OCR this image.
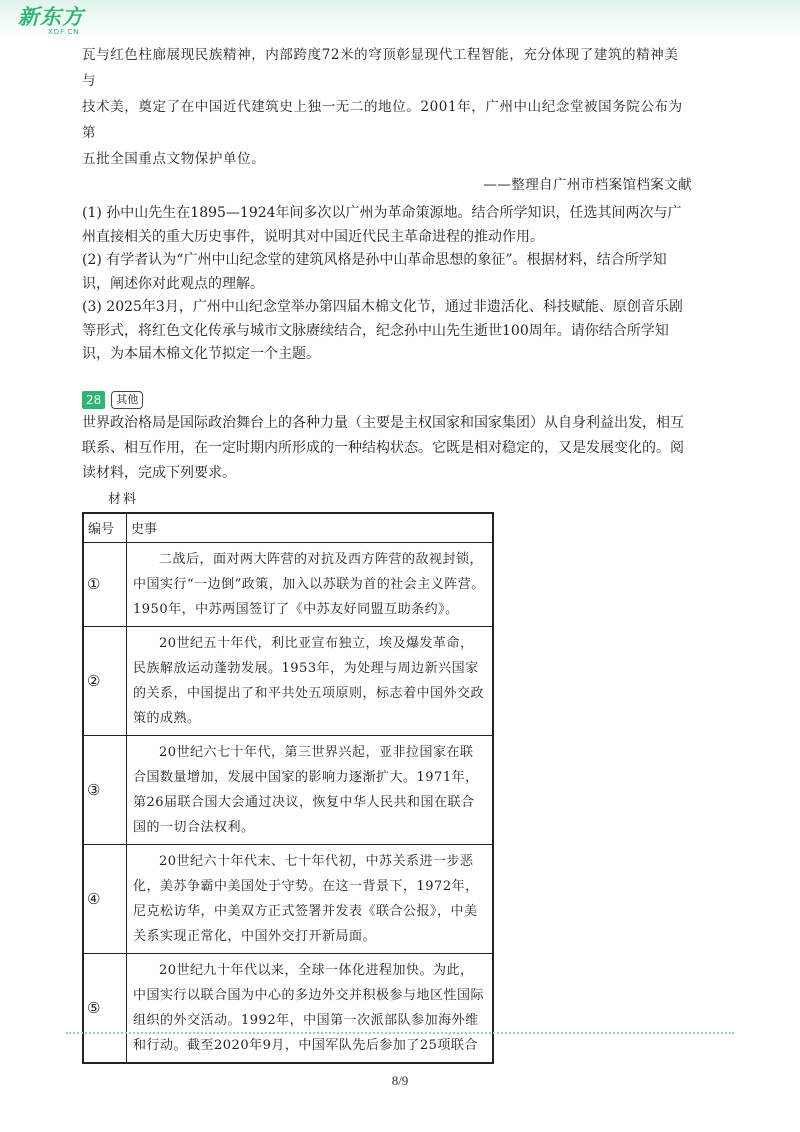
新东方
XDF.CN

瓦与红色柱廊展现民族精神，内部跨度72米的穹顶彰显现代工程智能，充分体现了建筑的精神美与

技术美，奠定了在中国近代建筑史上独一无二的地位。2001年，广州中山纪念堂被国务院公布为第

五批全国重点文物保护单位。

——整理自广州市档案馆档案文献

(1) 孙中山先生在1895—1924年间多次以广州为革命策源地。结合所学知识，任选其间两次与广州直接相关的重大历史事件，说明其对中国近代民主革命进程的推动作用。

(2) 有学者认为“广州中山纪念堂的建筑风格是孙中山革命思想的象征”。根据材料，结合所学知识，阐述你对此观点的理解。

(3) 2025年3月，广州中山纪念堂举办第四届木棉文化节，通过非遗活化、科技赋能、原创音乐剧等形式，将红色文化传承与城市文脉赓续结合，纪念孙中山先生逝世100周年。请你结合所学知识，为本届木棉文化节拟定一个主题。

28	其他

世界政治格局是国际政治舞台上的各种力量（主要是主权国家和国家集团）从自身利益出发，相互联系、相互作用，在一定时期内所形成的一种结构状态。它既是相对稳定的，又是发展变化的。阅读材料，完成下列要求。

材料
编号	史事
①	二战后，面对两大阵营的对抗及西方阵营的敌视封锁，中国实行“一边倒”政策，加入以苏联为首的社会主义阵营。1950年，中苏两国签订了《中苏友好同盟互助条约》。
②	20世纪五十年代，利比亚宣布独立，埃及爆发革命，民族解放运动蓬勃发展。1953年，为处理与周边新兴国家的关系，中国提出了和平共处五项原则，标志着中国外交政策的成熟。
③	20世纪六七十年代，第三世界兴起，亚非拉国家在联合国数量增加，发展中国家的影响力逐渐扩大。1971年，第26届联合国大会通过决议，恢复中华人民共和国在联合国的一切合法权利。
④	20世纪六十年代末、七十年代初，中苏关系进一步恶化，美苏争霸中美国处于守势。在这一背景下，1972年，尼克松访华，中美双方正式签署并发表《联合公报》，中美关系实现正常化，中国外交打开新局面。
⑤	20世纪九十年代以来，全球一体化进程加快。为此，中国实行以联合国为中心的多边外交并积极参与地区性国际组织的外交活动。1992年，中国第一次派部队参加海外维和行动。截至2020年9月，中国军队先后参加了25项联合
8/9
